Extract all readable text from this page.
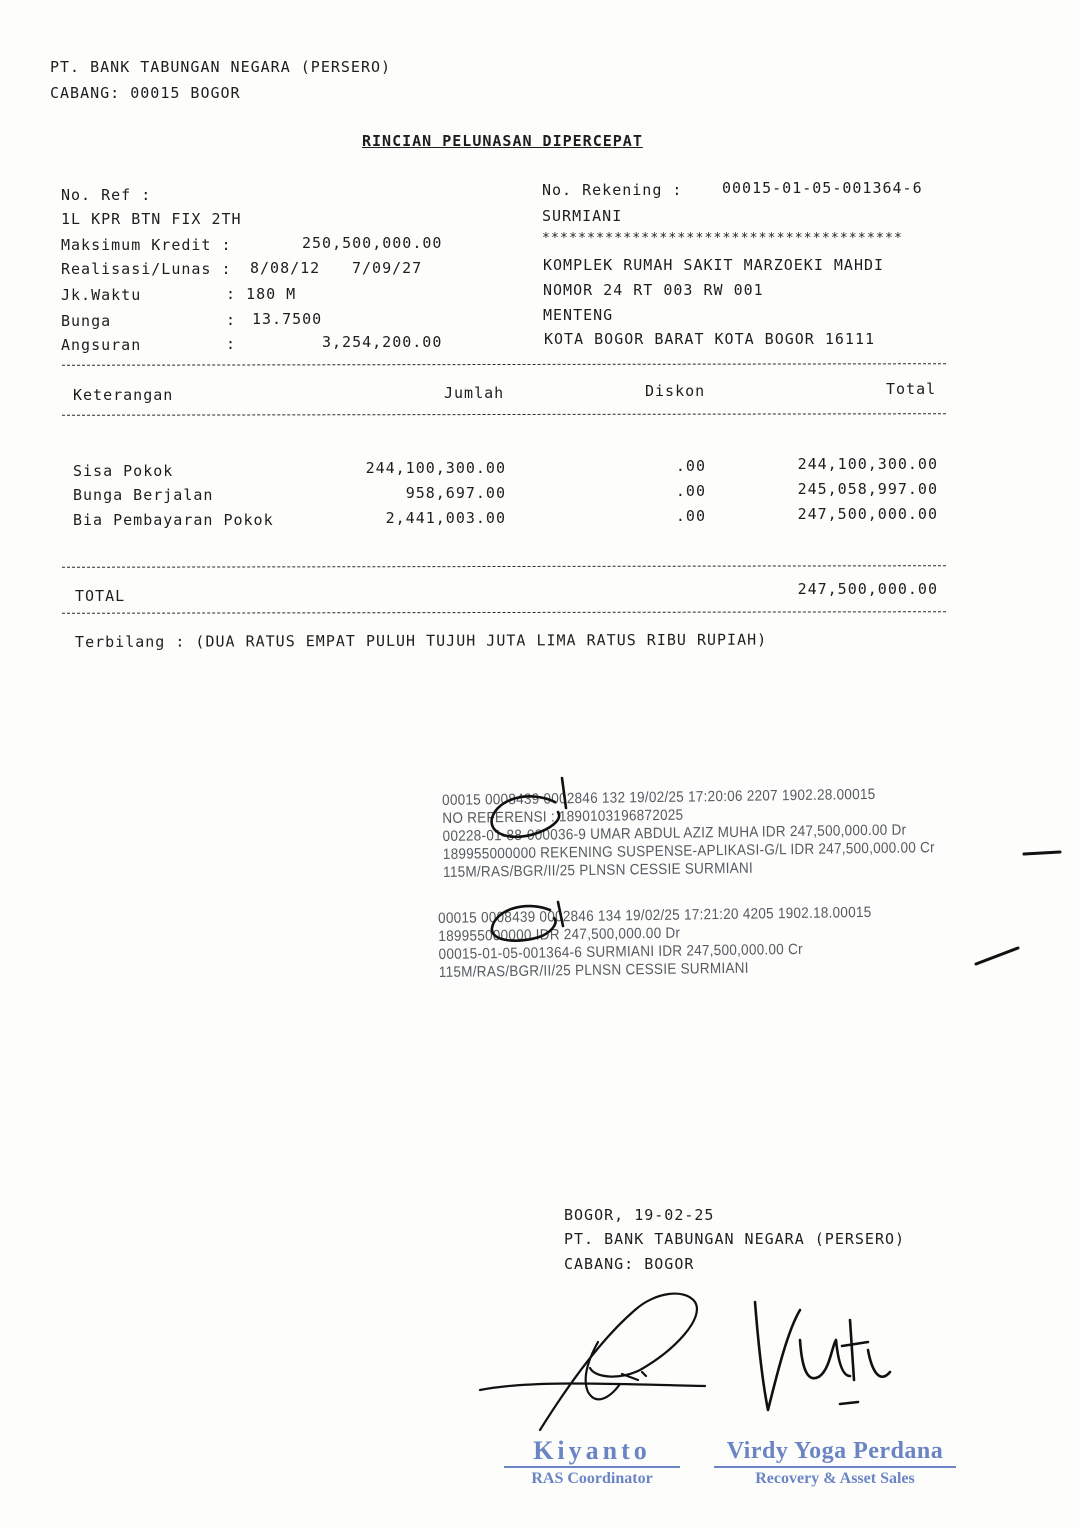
PT. BANK TABUNGAN NEGARA (PERSERO)
CABANG: 00015 BOGOR
RINCIAN PELUNASAN DIPERCEPAT
No. Ref :
1L KPR BTN FIX 2TH
Maksimum Kredit :	250,500,000.00
Realisasi/Lunas : 8/08/12 7/09/27
Jk.Waktu	: 180 M
Bunga	: 13.7500
Angsuran	:	3,254,200.00
No. Rekening :	00015-01-05-001364-6
SURMIANI
****************************************
KOMPLEK RUMAH SAKIT MARZOEKI MAHDI
NOMOR 24 RT 003 RW 001
MENTENG
KOTA BOGOR BARAT KOTA BOGOR 16111
Keterangan	Jumlah	Diskon	Total
Sisa Pokok	244,100,300.00	.00	244,100,300.00
Bunga Berjalan	958,697.00	.00	245,058,997.00
Bia Pembayaran Pokok	2,441,003.00	.00	247,500,000.00
TOTAL	247,500,000.00
Terbilang : (DUA RATUS EMPAT PULUH TUJUH JUTA LIMA RATUS RIBU RUPIAH)
00015 0008439 0002846 132 19/02/25 17:20:06 2207 1902.28.00015
NO REFERENSI : 1890103196872025
00228-01-88-000036-9 UMAR ABDUL AZIZ MUHA IDR 247,500,000.00 Dr
189955000000 REKENING SUSPENSE-APLIKASI-G/L IDR 247,500,000.00 Cr
115M/RAS/BGR/II/25 PLNSN CESSIE SURMIANI
00015 0008439 0002846 134 19/02/25 17:21:20 4205 1902.18.00015
189955000000 IDR 247,500,000.00 Dr
00015-01-05-001364-6 SURMIANI IDR 247,500,000.00 Cr
115M/RAS/BGR/II/25 PLNSN CESSIE SURMIANI
BOGOR, 19-02-25
PT. BANK TABUNGAN NEGARA (PERSERO)
CABANG: BOGOR
Kiyanto
RAS Coordinator
Virdy Yoga Perdana
Recovery & Asset Sales
